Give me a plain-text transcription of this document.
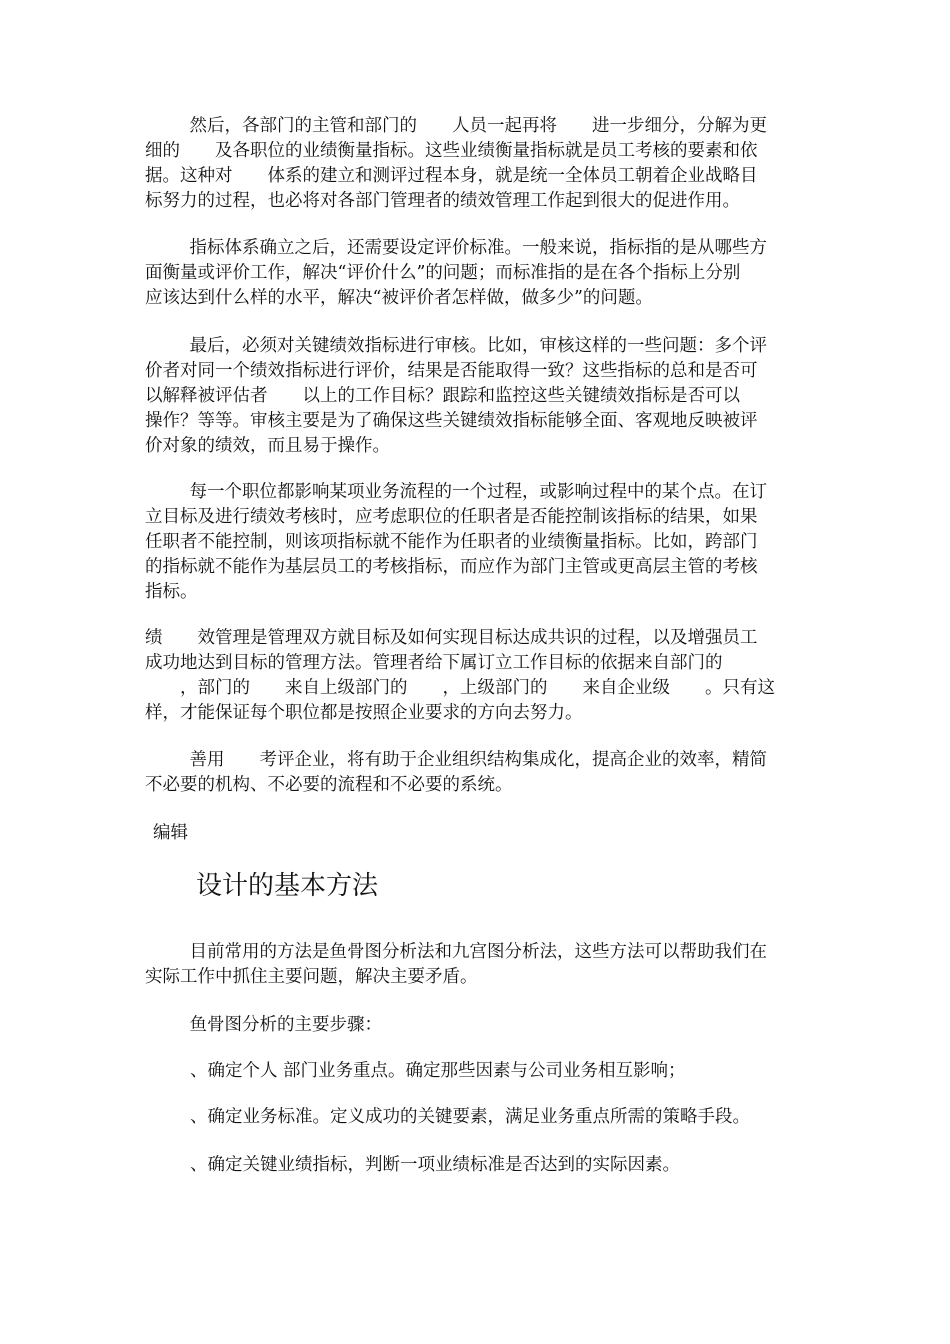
然后，各部门的主管和部门的　　人员一起再将　　进一步细分，分解为更
细的　　及各职位的业绩衡量指标。这些业绩衡量指标就是员工考核的要素和依
据。这种对　　体系的建立和测评过程本身，就是统一全体员工朝着企业战略目
标努力的过程，也必将对各部门管理者的绩效管理工作起到很大的促进作用。

指标体系确立之后，还需要设定评价标准。一般来说，指标指的是从哪些方
面衡量或评价工作，解决“评价什么”的问题；而标准指的是在各个指标上分别
应该达到什么样的水平，解决“被评价者怎样做，做多少”的问题。

最后，必须对关键绩效指标进行审核。比如，审核这样的一些问题：多个评
价者对同一个绩效指标进行评价，结果是否能取得一致？这些指标的总和是否可
以解释被评估者　　以上的工作目标？跟踪和监控这些关键绩效指标是否可以
操作？等等。审核主要是为了确保这些关键绩效指标能够全面、客观地反映被评
价对象的绩效，而且易于操作。

每一个职位都影响某项业务流程的一个过程，或影响过程中的某个点。在订
立目标及进行绩效考核时，应考虑职位的任职者是否能控制该指标的结果，如果
任职者不能控制，则该项指标就不能作为任职者的业绩衡量指标。比如，跨部门
的指标就不能作为基层员工的考核指标，而应作为部门主管或更高层主管的考核
指标。

绩　　效管理是管理双方就目标及如何实现目标达成共识的过程，以及增强员工
成功地达到目标的管理方法。管理者给下属订立工作目标的依据来自部门的
　　，部门的　　来自上级部门的　　，上级部门的　　来自企业级　　。只有这
样，才能保证每个职位都是按照企业要求的方向去努力。

善用　　考评企业，将有助于企业组织结构集成化，提高企业的效率，精简
不必要的机构、不必要的流程和不必要的系统。

编辑
设计的基本方法

目前常用的方法是鱼骨图分析法和九宫图分析法，这些方法可以帮助我们在
实际工作中抓住主要问题，解决主要矛盾。

鱼骨图分析的主要步骤：

、确定个人 部门业务重点。确定那些因素与公司业务相互影响；
、确定业务标准。定义成功的关键要素，满足业务重点所需的策略手段。
、确定关键业绩指标，判断一项业绩标准是否达到的实际因素。
